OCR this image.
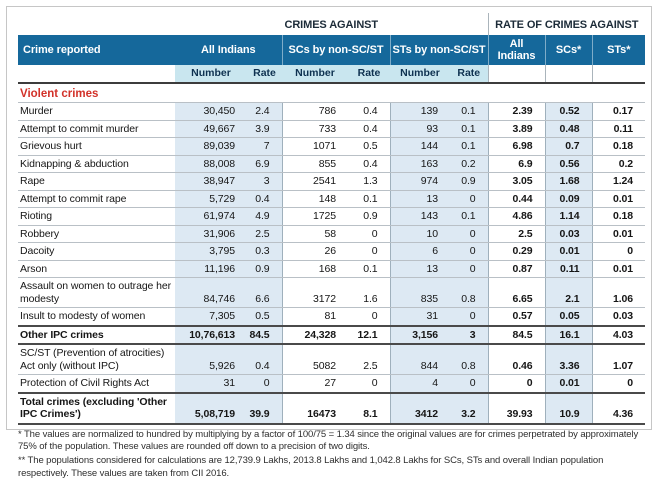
	CRIMES AGAINST						RATE OF CRIMES AGAINST		
Crime reported	All Indians		SCs by non-SC/ST		STs by non-SC/ST		All Indians	SCs*	STs*
	Number	Rate	Number	Rate	Number	Rate			
Violent crimes									
Murder	30,450	2.4	786	0.4	139	0.1	2.39	0.52	0.17
Attempt to commit murder	49,667	3.9	733	0.4	93	0.1	3.89	0.48	0.11
Grievous hurt	89,039	7	1071	0.5	144	0.1	6.98	0.7	0.18
Kidnapping & abduction	88,008	6.9	855	0.4	163	0.2	6.9	0.56	0.2
Rape	38,947	3	2541	1.3	974	0.9	3.05	1.68	1.24
Attempt to commit rape	5,729	0.4	148	0.1	13	0	0.44	0.09	0.01
Rioting	61,974	4.9	1725	0.9	143	0.1	4.86	1.14	0.18
Robbery	31,906	2.5	58	0	10	0	2.5	0.03	0.01
Dacoity	3,795	0.3	26	0	6	0	0.29	0.01	0
Arson	11,196	0.9	168	0.1	13	0	0.87	0.11	0.01
Assault on women to outrage her modesty	84,746	6.6	3172	1.6	835	0.8	6.65	2.1	1.06
Insult to modesty of women	7,305	0.5	81	0	31	0	0.57	0.05	0.03
Other IPC crimes	10,76,613	84.5	24,328	12.1	3,156	3	84.5	16.1	4.03
SC/ST (Prevention of atrocities) Act only (without IPC)	5,926	0.4	5082	2.5	844	0.8	0.46	3.36	1.07
Protection of Civil Rights Act	31	0	27	0	4	0	0	0.01	0
Total crimes (excluding 'Other IPC Crimes')	5,08,719	39.9	16473	8.1	3412	3.2	39.93	10.9	4.36

* The values are normalized to hundred by multiplying by a factor of 100/75 = 1.34 since the original values are for crimes perpetrated by approximately 75% of the population. These values are rounded off down to a precision of two digits.

** The populations considered for calculations are 12,739.9 Lakhs, 2013.8 Lakhs and 1,042.8 Lakhs for SCs, STs and overall Indian population respectively. These values are taken from CII 2016.
